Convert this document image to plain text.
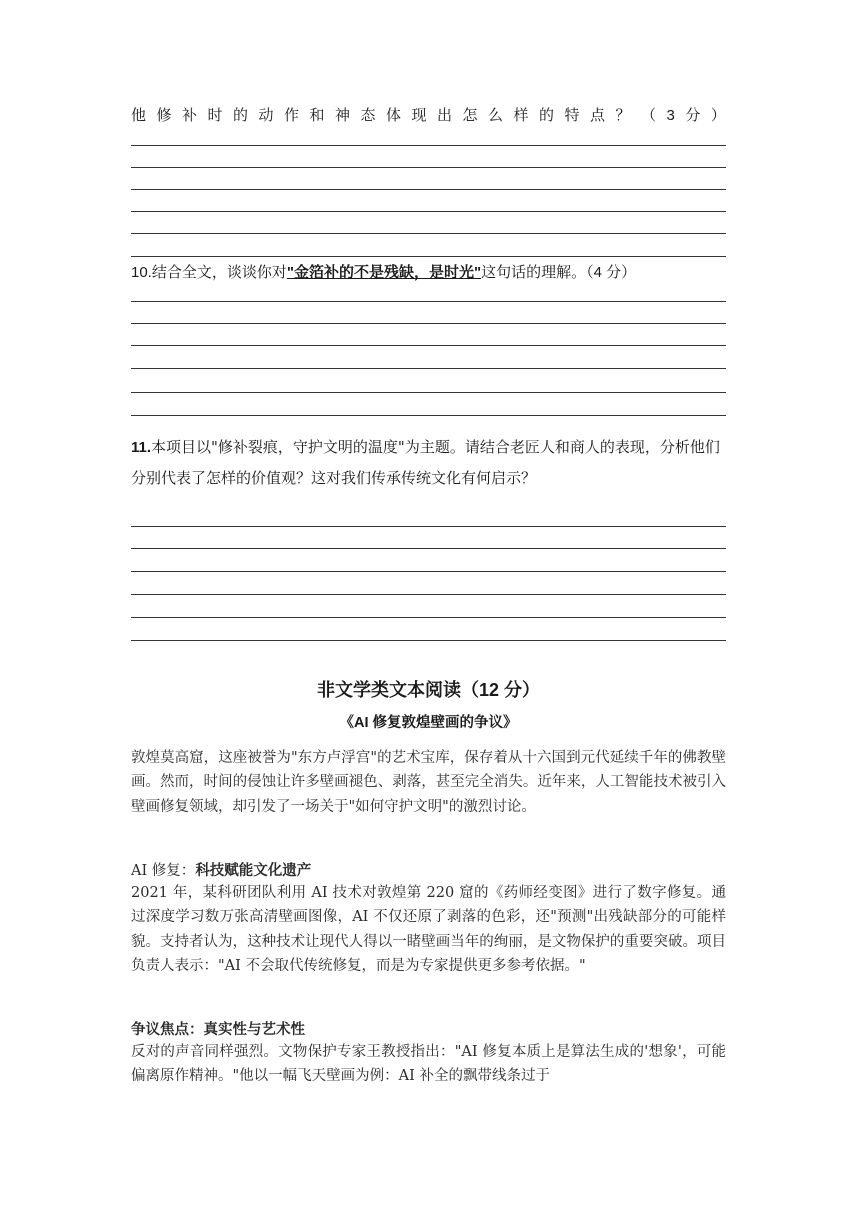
他 修 补 时 的 动 作 和 神 态 体 现 出 怎 么 样 的 特 点 ？ （ 3 分 ）
10.结合全文，谈谈你对"金箔补的不是残缺，是时光"这句话的理解。（4 分）
11.本项目以"修补裂痕，守护文明的温度"为主题。请结合老匠人和商人的表现，分析他们分别代表了怎样的价值观？这对我们传承传统文化有何启示？
非文学类文本阅读（12 分）
《AI 修复敦煌壁画的争议》
敦煌莫高窟，这座被誉为"东方卢浮宫"的艺术宝库，保存着从十六国到元代延续千年的佛教壁画。然而，时间的侵蚀让许多壁画褪色、剥落，甚至完全消失。近年来，人工智能技术被引入壁画修复领域，却引发了一场关于"如何守护文明"的激烈讨论。
AI 修复：科技赋能文化遗产
2021 年，某科研团队利用 AI 技术对敦煌第 220 窟的《药师经变图》进行了数字修复。通过深度学习数万张高清壁画图像，AI 不仅还原了剥落的色彩，还"预测"出残缺部分的可能样貌。支持者认为，这种技术让现代人得以一睹壁画当年的绚丽，是文物保护的重要突破。项目负责人表示："AI 不会取代传统修复，而是为专家提供更多参考依据。"
争议焦点：真实性与艺术性
反对的声音同样强烈。文物保护专家王教授指出："AI 修复本质上是算法生成的'想象'，可能偏离原作精神。"他以一幅飞天壁画为例：AI 补全的飘带线条过于
